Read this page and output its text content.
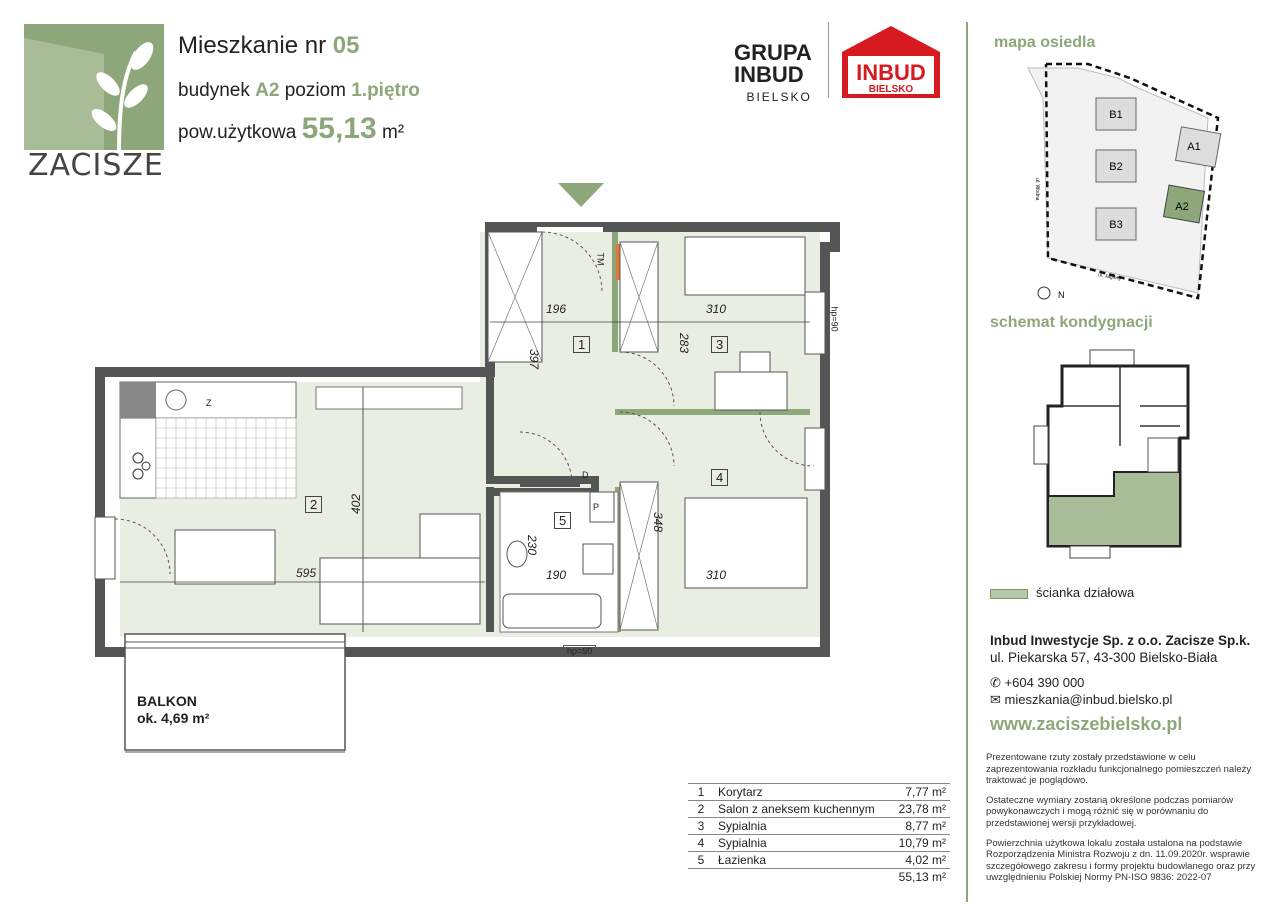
ZACISZE
Mieszkanie nr 05
budynek A2 poziom 1.piętro
pow.użytkowa 55,13 m²
GRUPA
INBUD
BIELSKO
INBUD
BIELSKO
1
2
3
4
5
196	310
397
283
402
595
230
190
348
310
hp=90
hp=90
TM
Z
D
P
BALKON
ok. 4,69 m²
1	Korytarz	7,77 m²
2	Salon z aneksem kuchennym	23,78 m²
3	Sypialnia	8,77 m²
4	Sypialnia	10,79 m²
5	Łazienka	4,02 m²
		55,13 m²
mapa osiedla
B1
A1
B2
A2
B3
ul. Wodna
ul. Jagiełły
N
schemat kondygnacji
ścianka działowa
Inbud Inwestycje Sp. z o.o. Zacisze Sp.k.
ul. Piekarska 57, 43-300 Bielsko-Biała
✆ +604 390 000
✉ mieszkania@inbud.bielsko.pl
www.zaciszebielsko.pl

Prezentowane rzuty zostały przedstawione w celu zaprezentowania rozkładu funkcjonalnego pomieszczeń należy traktować je poglądowo.

Ostateczne wymiary zostaną określone podczas pomiarów powykonawczych i mogą różnić się w porównaniu do przedstawionej wersji przykładowej.

Powierzchnia użytkowa lokalu została ustalona na podstawie Rozporządzenia Ministra Rozwoju z dn. 11.09.2020r. wsprawie szczegółowego zakresu i formy projektu budowlanego oraz przy uwzględnieniu Polskiej Normy PN-ISO 9836: 2022-07
